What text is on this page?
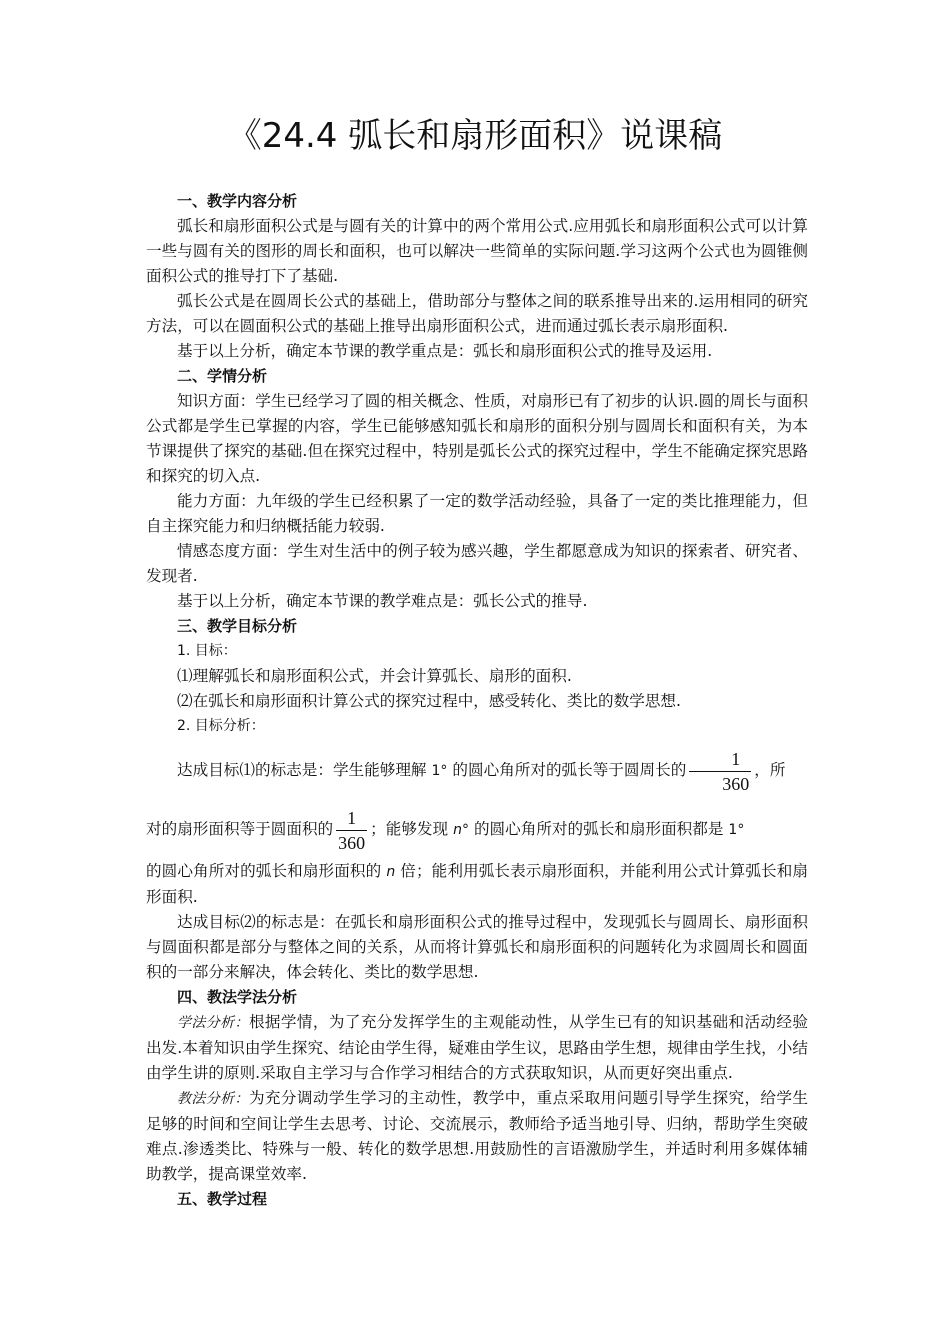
《24.4 弧长和扇形面积》说课稿

一、教学内容分析

弧长和扇形面积公式是与圆有关的计算中的两个常用公式.应用弧长和扇形面积公式可以计算一些与圆有关的图形的周长和面积，也可以解决一些简单的实际问题.学习这两个公式也为圆锥侧面积公式的推导打下了基础.

弧长公式是在圆周长公式的基础上，借助部分与整体之间的联系推导出来的.运用相同的研究方法，可以在圆面积公式的基础上推导出扇形面积公式，进而通过弧长表示扇形面积.

基于以上分析，确定本节课的教学重点是：弧长和扇形面积公式的推导及运用.

二、学情分析

知识方面：学生已经学习了圆的相关概念、性质，对扇形已有了初步的认识.圆的周长与面积公式都是学生已掌握的内容，学生已能够感知弧长和扇形的面积分别与圆周长和面积有关，为本节课提供了探究的基础.但在探究过程中，特别是弧长公式的探究过程中，学生不能确定探究思路和探究的切入点.

能力方面：九年级的学生已经积累了一定的数学活动经验，具备了一定的类比推理能力，但自主探究能力和归纳概括能力较弱.

情感态度方面：学生对生活中的例子较为感兴趣，学生都愿意成为知识的探索者、研究者、发现者.

基于以上分析，确定本节课的教学难点是：弧长公式的推导.

三、教学目标分析

1. 目标：

⑴理解弧长和扇形面积公式，并会计算弧长、扇形的面积.

⑵在弧长和扇形面积计算公式的探究过程中，感受转化、类比的数学思想.

2. 目标分析：

达成目标⑴的标志是：学生能够理解 1° 的圆心角所对的弧长等于圆周长的 $\frac{1}{360}$ ，所

对的扇形面积等于圆面积的 $\frac{1}{360}$ ；能够发现 n° 的圆心角所对的弧长和扇形面积都是 1°

的圆心角所对的弧长和扇形面积的 n 倍；能利用弧长表示扇形面积，并能利用公式计算弧长和扇形面积.

达成目标⑵的标志是：在弧长和扇形面积公式的推导过程中，发现弧长与圆周长、扇形面积与圆面积都是部分与整体之间的关系，从而将计算弧长和扇形面积的问题转化为求圆周长和圆面积的一部分来解决，体会转化、类比的数学思想.

四、教法学法分析

学法分析：根据学情，为了充分发挥学生的主观能动性，从学生已有的知识基础和活动经验出发.本着知识由学生探究、结论由学生得，疑难由学生议，思路由学生想，规律由学生找，小结由学生讲的原则.采取自主学习与合作学习相结合的方式获取知识，从而更好突出重点.

教法分析：为充分调动学生学习的主动性，教学中，重点采取用问题引导学生探究，给学生足够的时间和空间让学生去思考、讨论、交流展示，教师给予适当地引导、归纳，帮助学生突破难点.渗透类比、特殊与一般、转化的数学思想.用鼓励性的言语激励学生，并适时利用多媒体辅助教学，提高课堂效率.

五、教学过程
